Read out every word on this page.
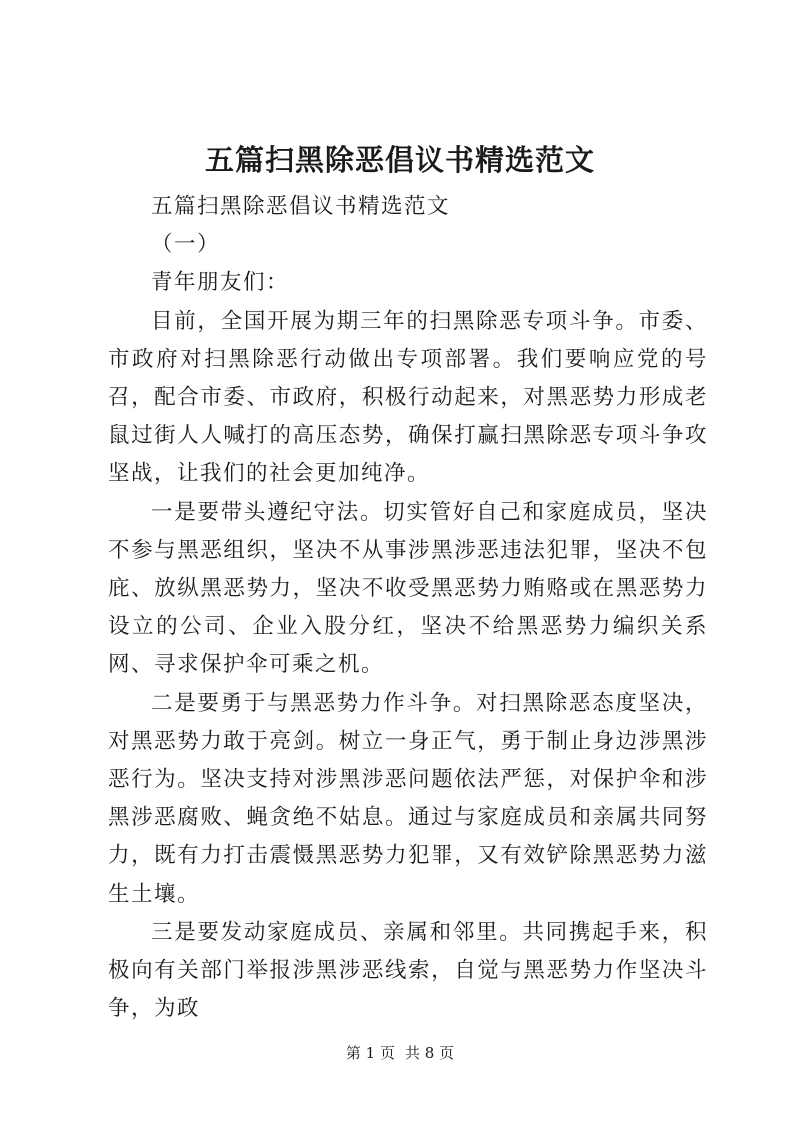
五篇扫黑除恶倡议书精选范文

五篇扫黑除恶倡议书精选范文

（一）

青年朋友们：

目前，全国开展为期三年的扫黑除恶专项斗争。市委、市政府对扫黑除恶行动做出专项部署。我们要响应党的号召，配合市委、市政府，积极行动起来，对黑恶势力形成老鼠过街人人喊打的高压态势，确保打赢扫黑除恶专项斗争攻坚战，让我们的社会更加纯净。

一是要带头遵纪守法。切实管好自己和家庭成员，坚决不参与黑恶组织，坚决不从事涉黑涉恶违法犯罪，坚决不包庇、放纵黑恶势力，坚决不收受黑恶势力贿赂或在黑恶势力设立的公司、企业入股分红，坚决不给黑恶势力编织关系网、寻求保护伞可乘之机。

二是要勇于与黑恶势力作斗争。对扫黑除恶态度坚决，对黑恶势力敢于亮剑。树立一身正气，勇于制止身边涉黑涉恶行为。坚决支持对涉黑涉恶问题依法严惩，对保护伞和涉黑涉恶腐败、蝇贪绝不姑息。通过与家庭成员和亲属共同努力，既有力打击震慑黑恶势力犯罪，又有效铲除黑恶势力滋生土壤。

三是要发动家庭成员、亲属和邻里。共同携起手来，积极向有关部门举报涉黑涉恶线索，自觉与黑恶势力作坚决斗争，为政

第 1 页 共 8 页
